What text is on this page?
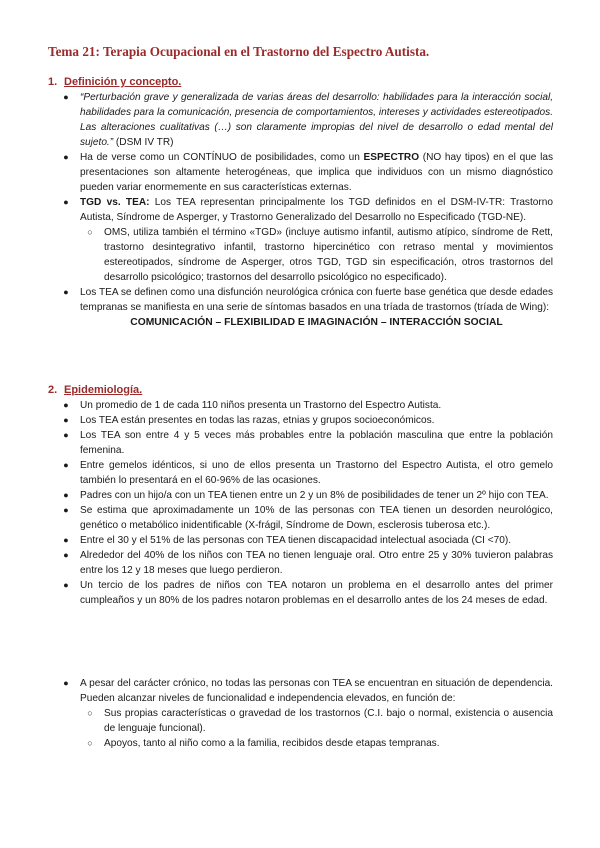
Tema 21: Terapia Ocupacional en el Trastorno del Espectro Autista.
1. Definición y concepto.

● “Perturbación grave y generalizada de varias áreas del desarrollo: habilidades para la interacción social, habilidades para la comunicación, presencia de comportamientos, intereses y actividades estereotipados. Las alteraciones cualitativas (…) son claramente impropias del nivel de desarrollo o edad mental del sujeto.” (DSM IV TR)

● Ha de verse como un CONTÍNUO de posibilidades, como un ESPECTRO (NO hay tipos) en el que las presentaciones son altamente heterogéneas, que implica que individuos con un mismo diagnóstico pueden variar enormemente en sus características externas.

● TGD vs. TEA: Los TEA representan principalmente los TGD definidos en el DSM-IV-TR: Trastorno Autista, Síndrome de Asperger, y Trastorno Generalizado del Desarrollo no Especificado (TGD-NE).

○ OMS, utiliza también el término «TGD» (incluye autismo infantil, autismo atípico, síndrome de Rett, trastorno desintegrativo infantil, trastorno hipercinético con retraso mental y movimientos estereotipados, síndrome de Asperger, otros TGD, TGD sin especificación, otros trastornos del desarrollo psicológico; trastornos del desarrollo psicológico no especificado).

● Los TEA se definen como una disfunción neurológica crónica con fuerte base genética que desde edades tempranas se manifiesta en una serie de síntomas basados en una tríada de trastornos (tríada de Wing):

COMUNICACIÓN – FLEXIBILIDAD E IMAGINACIÓN – INTERACCIÓN SOCIAL

2. Epidemiología.

● Un promedio de 1 de cada 110 niños presenta un Trastorno del Espectro Autista.

● Los TEA están presentes en todas las razas, etnias y grupos socioeconómicos.

● Los TEA son entre 4 y 5 veces más probables entre la población masculina que entre la población femenina.

● Entre gemelos idénticos, si uno de ellos presenta un Trastorno del Espectro Autista, el otro gemelo también lo presentará en el 60-96% de las ocasiones.

● Padres con un hijo/a con un TEA tienen entre un 2 y un 8% de posibilidades de tener un 2º hijo con TEA.

● Se estima que aproximadamente un 10% de las personas con TEA tienen un desorden neurológico, genético o metabólico inidentificable (X-frágil, Síndrome de Down, esclerosis tuberosa etc.).

● Entre el 30 y el 51% de las personas con TEA tienen discapacidad intelectual asociada (CI <70).

● Alrededor del 40% de los niños con TEA no tienen lenguaje oral. Otro entre 25 y 30% tuvieron palabras entre los 12 y 18 meses que luego perdieron.

● Un tercio de los padres de niños con TEA notaron un problema en el desarrollo antes del primer cumpleaños y un 80% de los padres notaron problemas en el desarrollo antes de los 24 meses de edad.

● A pesar del carácter crónico, no todas las personas con TEA se encuentran en situación de dependencia. Pueden alcanzar niveles de funcionalidad e independencia elevados, en función de:

○ Sus propias características o gravedad de los trastornos (C.I. bajo o normal, existencia o ausencia de lenguaje funcional).

○ Apoyos, tanto al niño como a la familia, recibidos desde etapas tempranas.
